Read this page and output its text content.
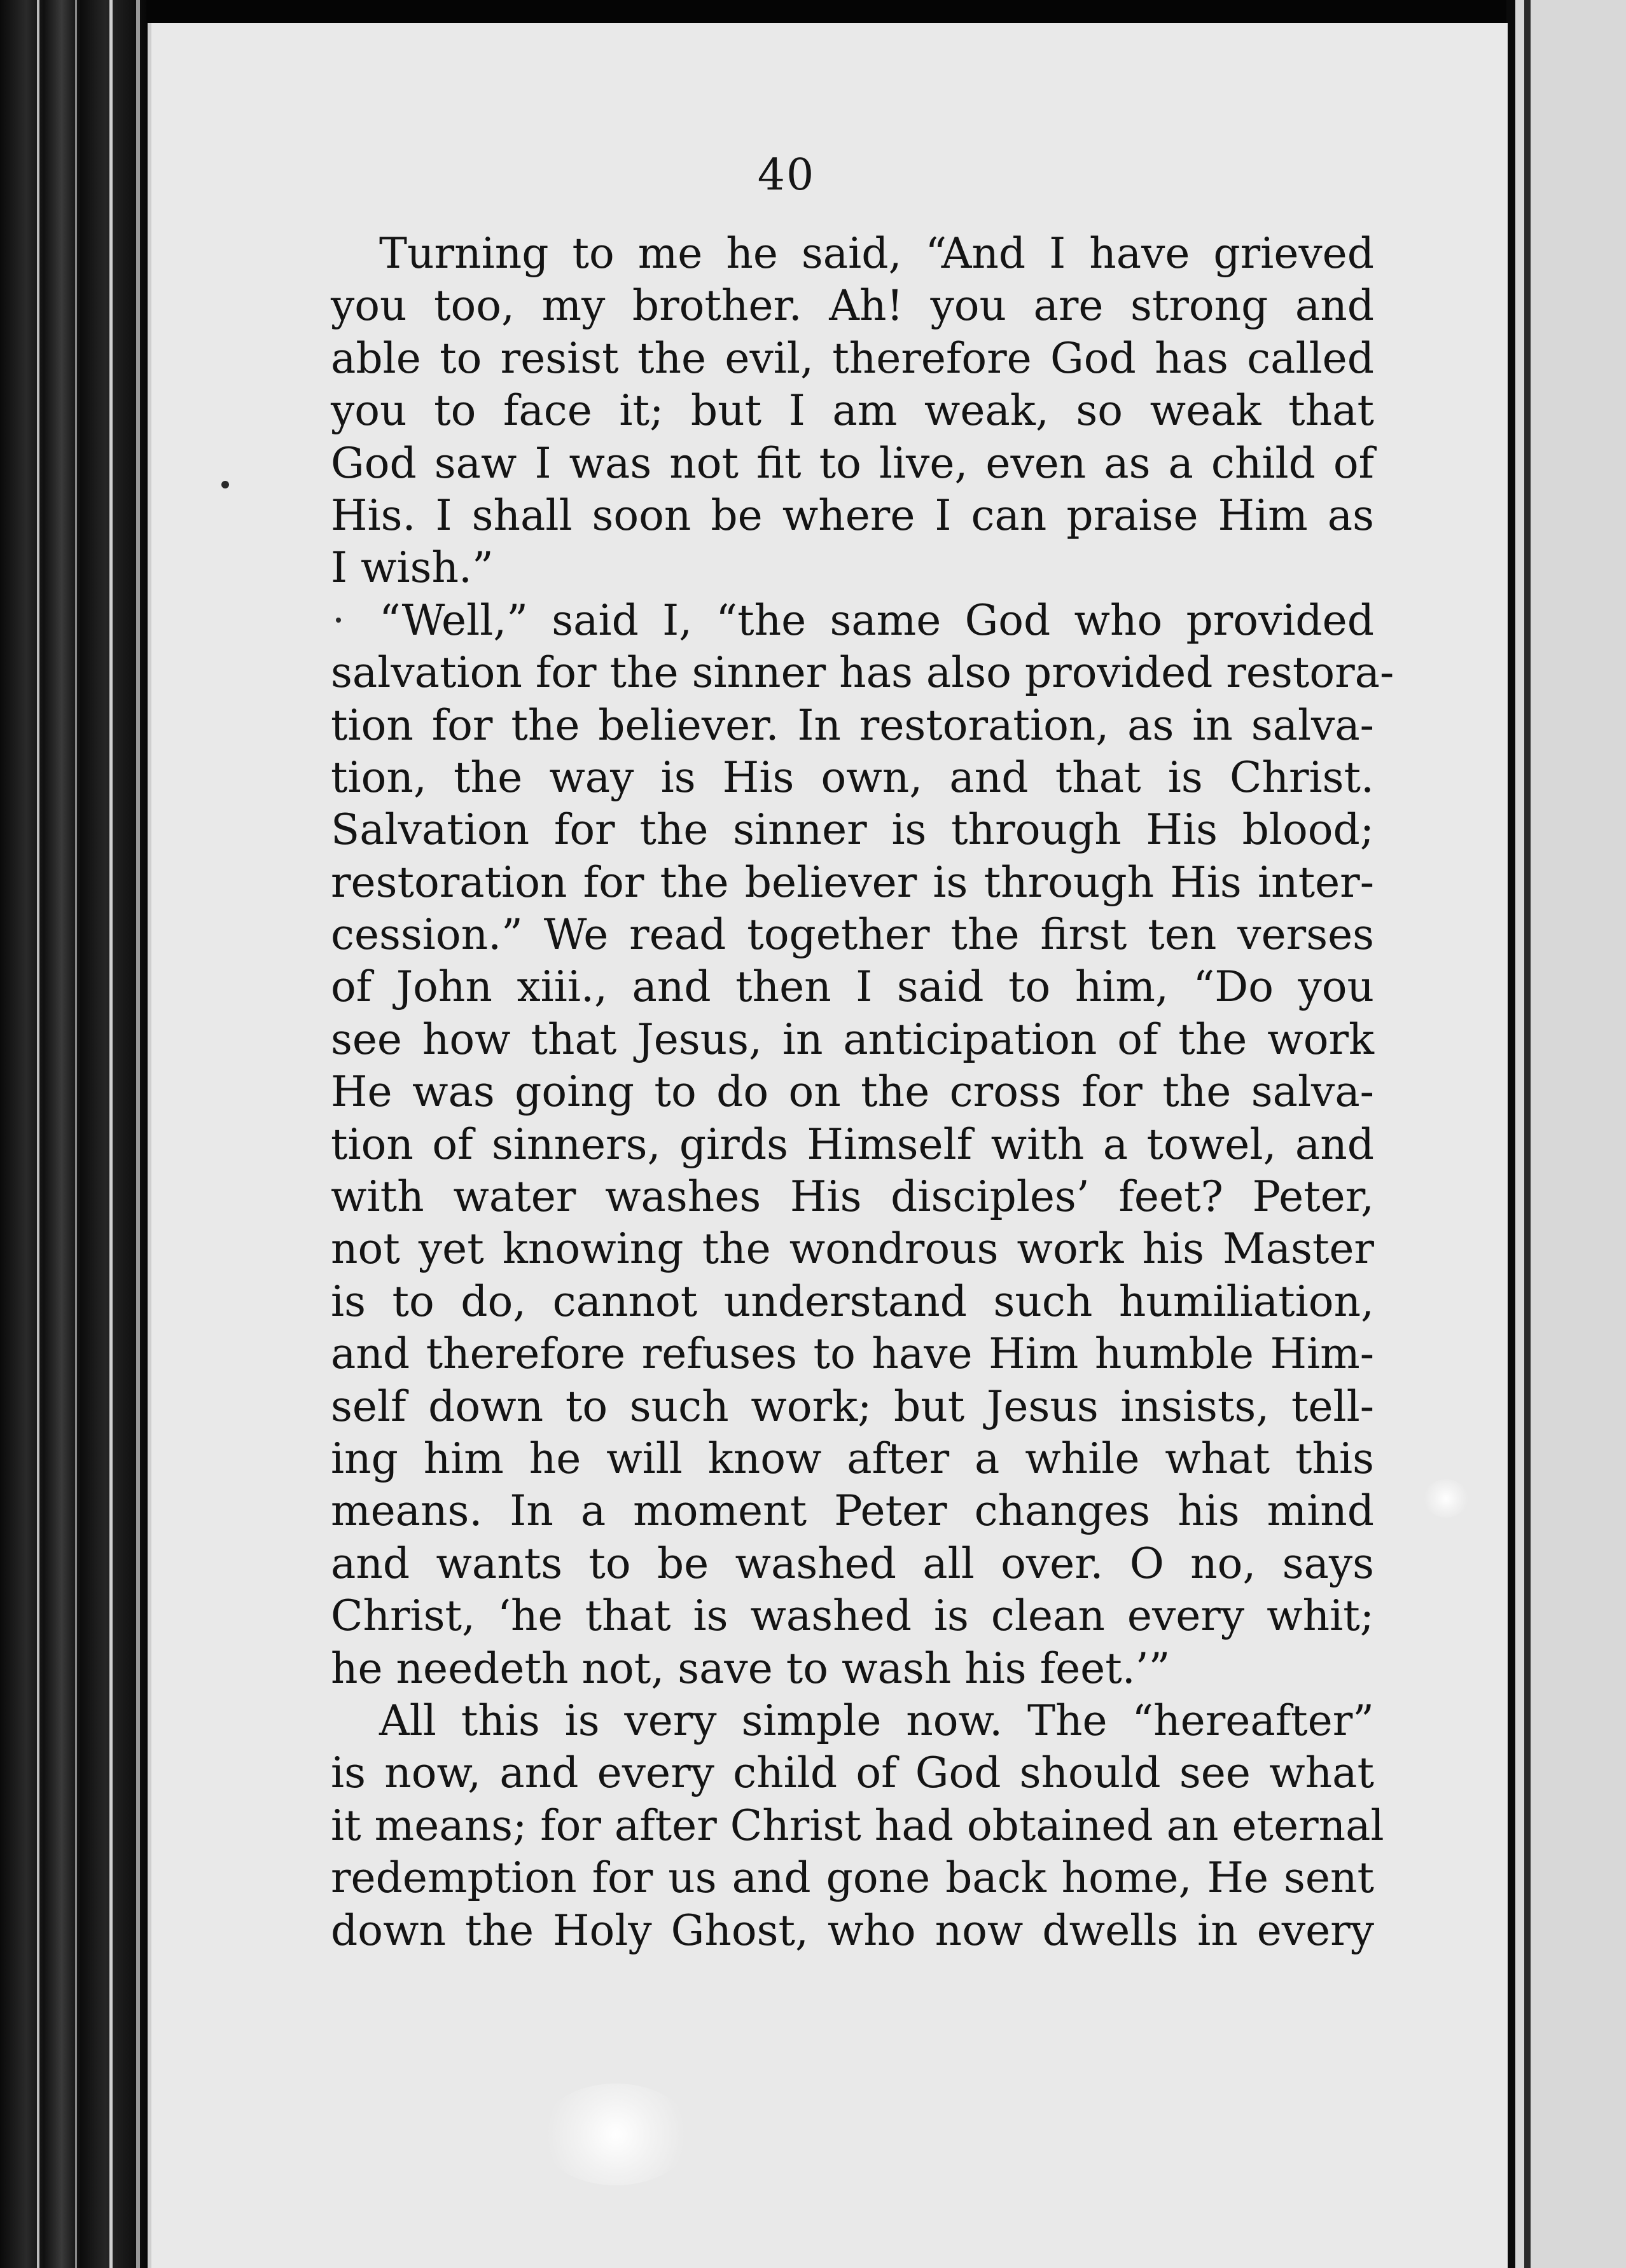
40
Turning to me he said, “And I have grieved
you too, my brother. Ah! you are strong and
able to resist the evil, therefore God has called
you to face it; but I am weak, so weak that
God saw I was not fit to live, even as a child of
His. I shall soon be where I can praise Him as
I wish.”
“Well,” said I, “the same God who provided
salvation for the sinner has also provided restora-
tion for the believer. In restoration, as in salva-
tion, the way is His own, and that is Christ.
Salvation for the sinner is through His blood;
restoration for the believer is through His inter-
cession.” We read together the first ten verses
of John xiii., and then I said to him, “Do you
see how that Jesus, in anticipation of the work
He was going to do on the cross for the salva-
tion of sinners, girds Himself with a towel, and
with water washes His disciples’ feet? Peter,
not yet knowing the wondrous work his Master
is to do, cannot understand such humiliation,
and therefore refuses to have Him humble Him-
self down to such work; but Jesus insists, tell-
ing him he will know after a while what this
means. In a moment Peter changes his mind
and wants to be washed all over. O no, says
Christ, ‘he that is washed is clean every whit;
he needeth not, save to wash his feet.’”
All this is very simple now. The “hereafter”
is now, and every child of God should see what
it means; for after Christ had obtained an eternal
redemption for us and gone back home, He sent
down the Holy Ghost, who now dwells in every
